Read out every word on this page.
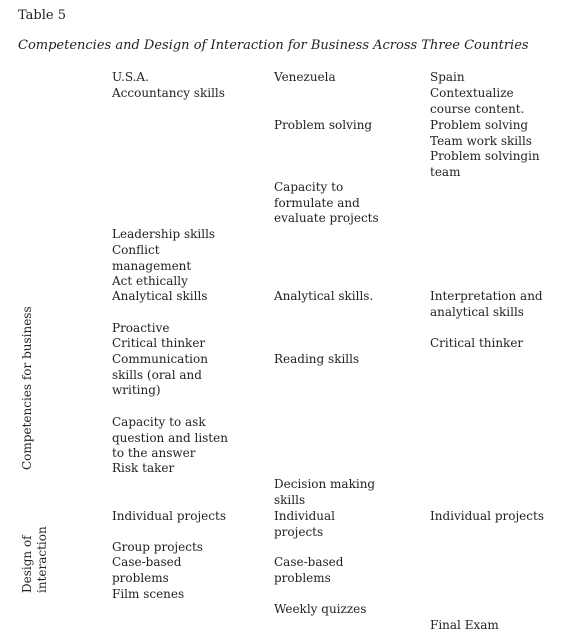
Table 5
Competencies and Design of Interaction for Business Across Three Countries
U.S.A.	Venezuela	Spain
Competencies for business
Design of interaction
Accountancy skills
Leadership skills
Conflict
management
Act ethically
Analytical skills
Proactive
Critical thinker
Communication
skills (oral and
writing)
Capacity to ask
question and listen
to the answer
Risk taker
Individual projects
Group projects
Case-based
problems
Film scenes
Problem solving
Capacity to
formulate and
evaluate projects
Analytical skills.
Reading skills
Decision making
skills
Individual
projects
Case-based
problems
Weekly quizzes
Contextualize
course content.
Problem solving
Team work skills
Problem solvingin
team
Interpretation and
analytical skills
Critical thinker
Individual projects
Final Exam
